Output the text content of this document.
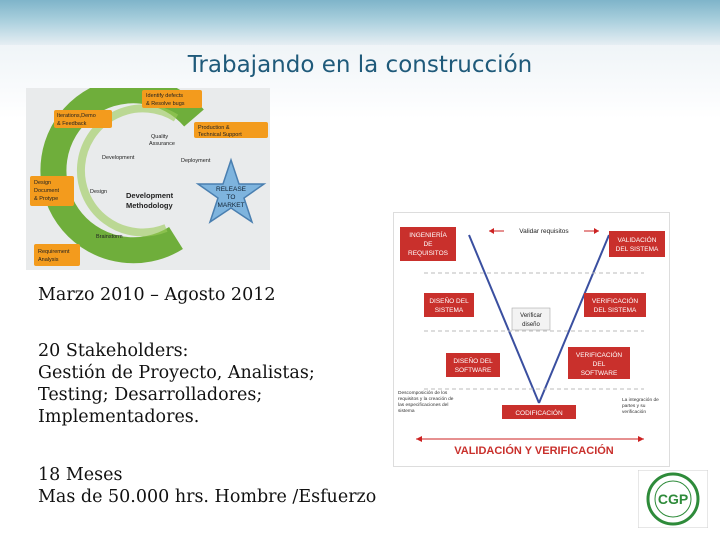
Trabajando en la construcción
Identify defects
& Resolve bugs
Iterations,Demo
& Feedback
Production &
Technical Support
Quality
Assurance
Development	Deployment
Design
Document
& Protype
Design	Development
Methodology
RELEASE
TO
MARKET
Brainstorm
Requirement
Analysis
Marzo 2010 – Agosto 2012
20 Stakeholders:
Gestión de Proyecto, Analistas;
Testing; Desarrolladores;
Implementadores.
18 Meses
Mas de 50.000 hrs. Hombre /Esfuerzo
Validar requisitos
INGENIERÍA
DE
REQUISITOS
VALIDACIÓN
DEL SISTEMA
DISEÑO DEL
SISTEMA
VERIFICACIÓN
DEL SISTEMA
Verificar
diseño
DISEÑO DEL
SOFTWARE
VERIFICACIÓN
DEL
SOFTWARE
Descomposición de los
requisitos y la creación de
las especificaciones del
sistema
La integración de
partes y su
verificación
CODIFICACIÓN
VALIDACIÓN Y VERIFICACIÓN
CGP
